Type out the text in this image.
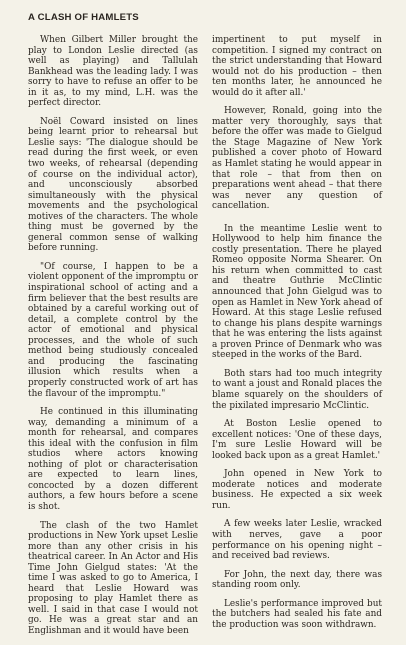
A CLASH OF HAMLETS

When Gilbert Miller brought the play to London Leslie directed (as well as playing) and Tallulah Bankhead was the leading lady. I was sorry to have to refuse an offer to be in it as, to my mind, L.H. was the perfect director.

Noël Coward insisted on lines being learnt prior to rehearsal but Leslie says: 'The dialogue should be read during the first week, or even two weeks, of rehearsal (depending of course on the individual actor), and unconsciously absorbed simultaneously with the physical movements and the psychological motives of the characters. The whole thing must be governed by the general common sense of walking before running.

"Of course, I happen to be a violent opponent of the impromptu or inspirational school of acting and a firm believer that the best results are obtained by a careful working out of detail, a complete control by the actor of emotional and physical processes, and the whole of such method being studiously concealed and producing the fascinating illusion which results when a properly constructed work of art has the flavour of the impromptu."

He continued in this illuminating way, demanding a minimum of a month for rehearsal, and compares this ideal with the confusion in film studios where actors knowing nothing of plot or characterisation are expected to learn lines, concocted by a dozen different authors, a few hours before a scene is shot.

The clash of the two Hamlet productions in New York upset Leslie more than any other crisis in his theatrical career. In An Actor and His Time John Gielgud states: 'At the time I was asked to go to America, I heard that Leslie Howard was proposing to play Hamlet there as well. I said in that case I would not go. He was a great star and an Englishman and it would have been

impertinent to put myself in competition. I signed my contract on the strict understanding that Howard would not do his production – then ten months later, he announced he would do it after all.'

However, Ronald, going into the matter very thoroughly, says that before the offer was made to Gielgud the Stage Magazine of New York published a cover photo of Howard as Hamlet stating he would appear in that role – that from then on preparations went ahead – that there was never any question of cancellation.

In the meantime Leslie went to Hollywood to help him finance the costly presentation. There he played Romeo opposite Norma Shearer. On his return when committed to cast and theatre Guthrie McClintic announced that John Gielgud was to open as Hamlet in New York ahead of Howard. At this stage Leslie refused to change his plans despite warnings that he was entering the lists against a proven Prince of Denmark who was steeped in the works of the Bard.

Both stars had too much integrity to want a joust and Ronald places the blame squarely on the shoulders of the pixilated impresario McClintic.

At Boston Leslie opened to excellent notices: 'One of these days, I'm sure Leslie Howard will be looked back upon as a great Hamlet.'

John opened in New York to moderate notices and moderate business. He expected a six week run.

A few weeks later Leslie, wracked with nerves, gave a poor performance on his opening night – and received bad reviews.

For John, the next day, there was standing room only.

Leslie's performance improved but the butchers had sealed his fate and the production was soon withdrawn.
